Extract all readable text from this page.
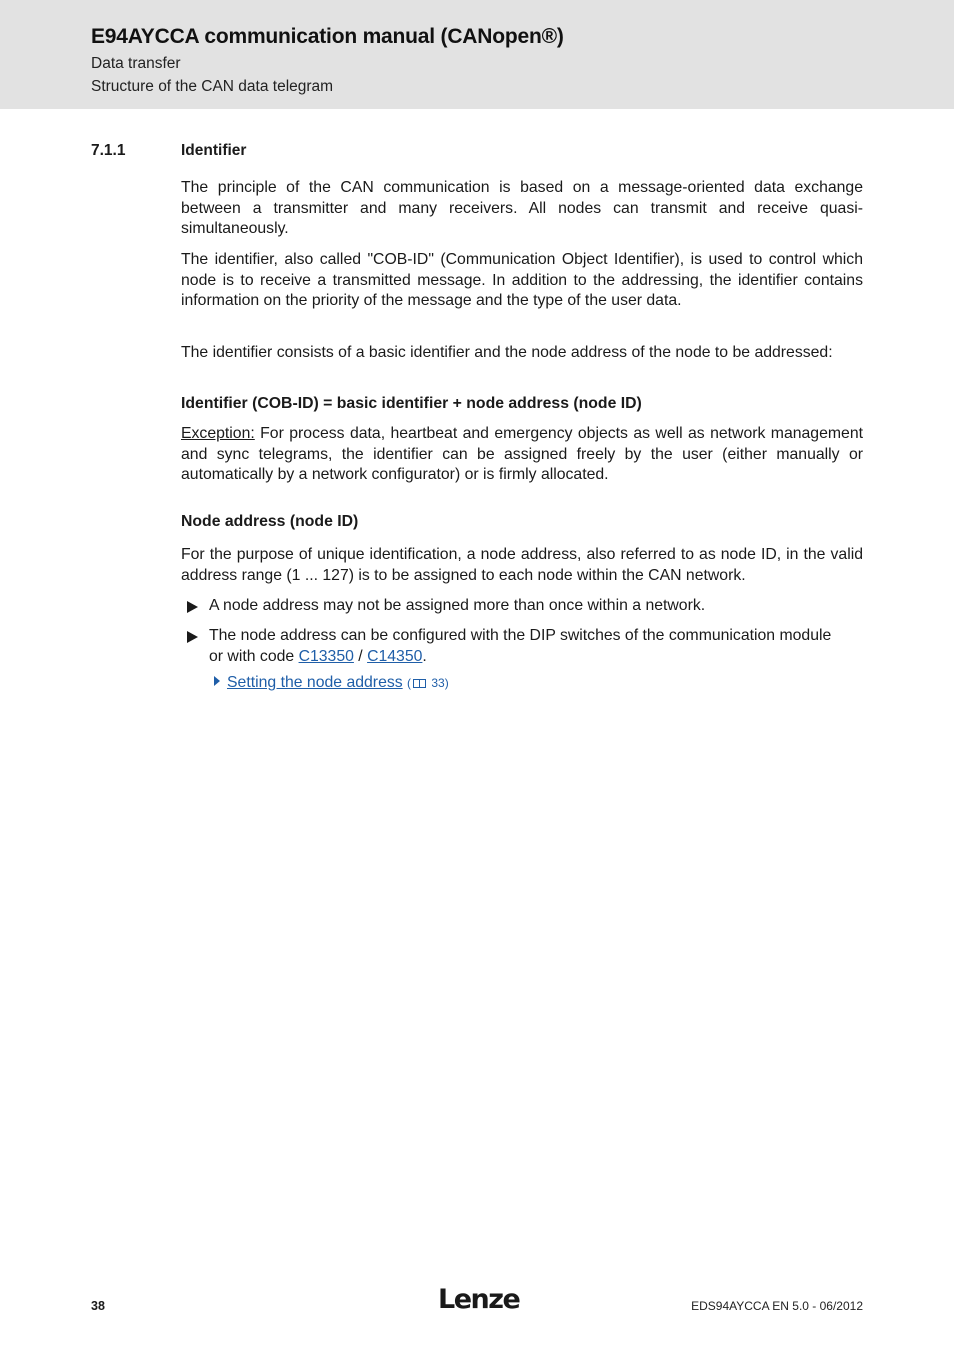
E94AYCCA communication manual (CANopen®)
Data transfer
Structure of the CAN data telegram
7.1.1	Identifier

The principle of the CAN communication is based on a message-oriented data exchange between a transmitter and many receivers. All nodes can transmit and receive quasi-simultaneously.

The identifier, also called "COB-ID" (Communication Object Identifier), is used to control which node is to receive a transmitted message. In addition to the addressing, the identifier contains information on the priority of the message and the type of the user data.

The identifier consists of a basic identifier and the node address of the node to be addressed:

Identifier (COB-ID) = basic identifier + node address (node ID)

Exception: For process data, heartbeat and emergency objects as well as network management and sync telegrams, the identifier can be assigned freely by the user (either manually or automatically by a network configurator) or is firmly allocated.

Node address (node ID)

For the purpose of unique identification, a node address, also referred to as node ID, in the valid address range (1 ... 127) is to be assigned to each node within the CAN network.

A node address may not be assigned more than once within a network.
The node address can be configured with the DIP switches of the communication module or with code C13350 / C14350.
Setting the node address ( 33)
38	Lenze	EDS94AYCCA EN 5.0 - 06/2012
